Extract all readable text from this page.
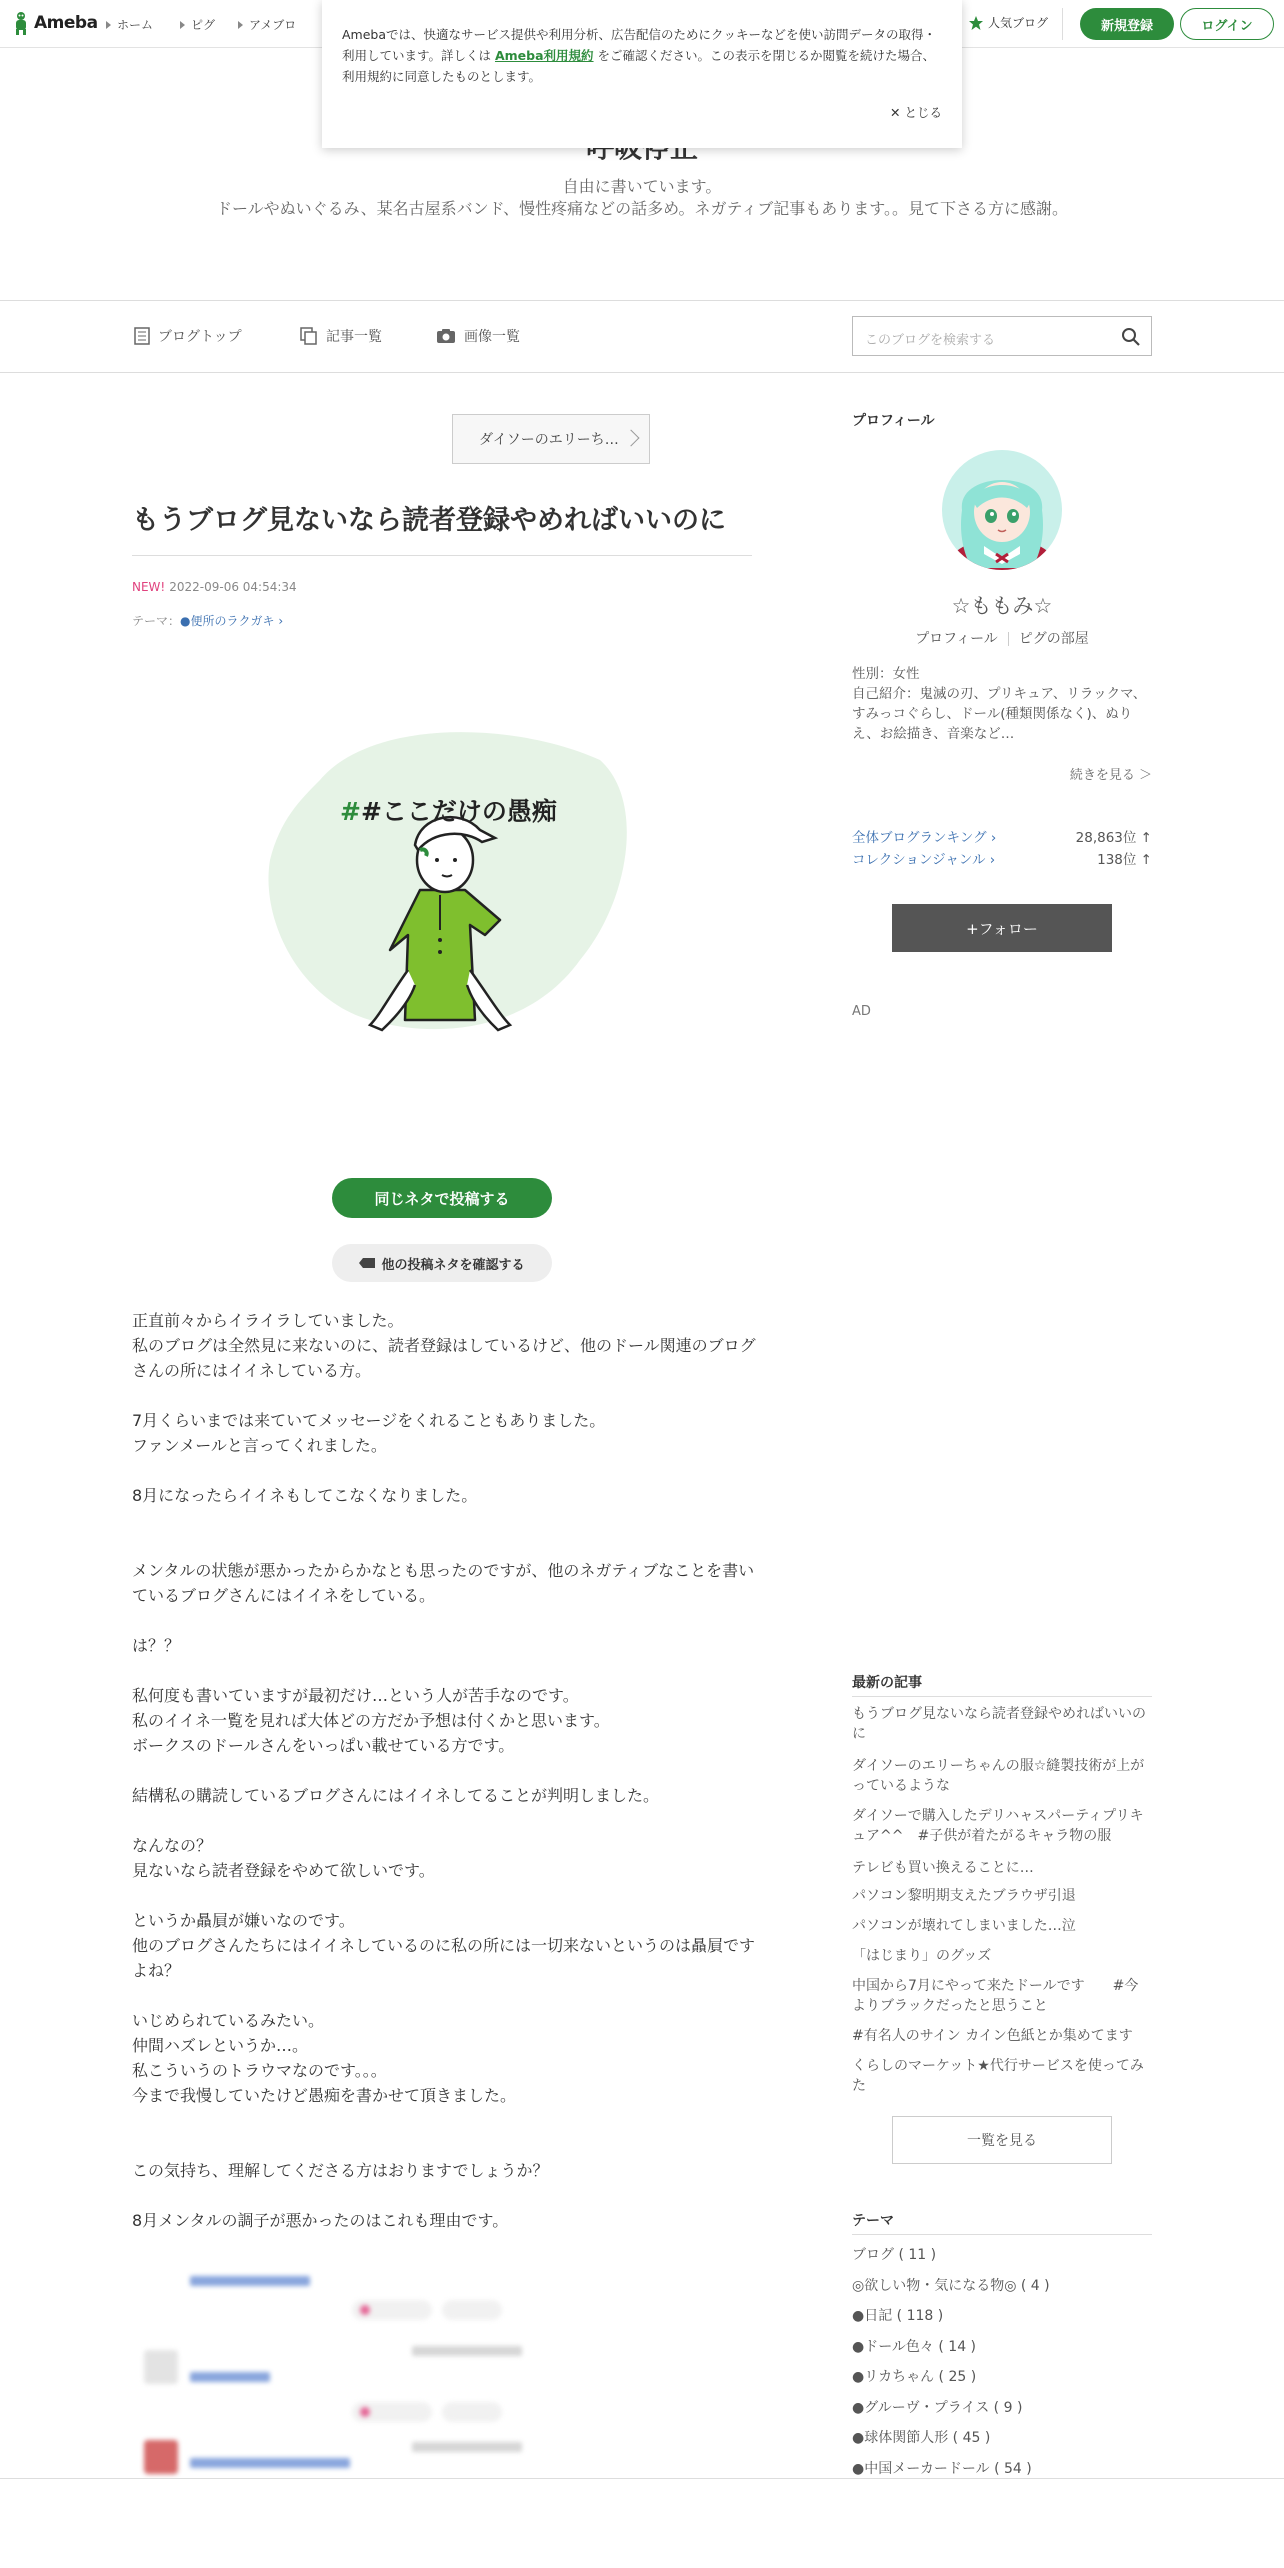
Ameba ホーム	ピグ	アメブロ	人気ブログ	新規登録	ログイン
Amebaでは、快適なサービス提供や利用分析、広告配信のためにクッキーなどを使い訪問データの取得・利用しています。詳しくは Ameba利用規約 をご確認ください。この表示を閉じるか閲覧を続けた場合、利用規約に同意したものとします。
✕ とじる
自由に書いています。
ドールやぬいぐるみ、某名古屋系バンド、慢性疼痛などの話多め。ネガティブ記事もあります。。見て下さる方に感謝。
ブログトップ	記事一覧	画像一覧	このブログを検索する
ダイソーのエリーち…
もうブログ見ないなら読者登録やめればいいのに
NEW! 2022-09-06 04:54:34
テーマ：●便所のラクガキ ›
##ここだけの愚痴
同じネタで投稿する
他の投稿ネタを確認する

正直前々からイライラしていました。

私のブログは全然見に来ないのに、読者登録はしているけど、他のドール関連のブログさんの所にはイイネしている方。

7月くらいまでは来ていてメッセージをくれることもありました。

ファンメールと言ってくれました。

8月になったらイイネもしてこなくなりました。

メンタルの状態が悪かったからかなとも思ったのですが、他のネガティブなことを書いているブログさんにはイイネをしている。

は？？

私何度も書いていますが最初だけ…という人が苦手なのです。

私のイイネ一覧を見れば大体どの方だか予想は付くかと思います。

ボークスのドールさんをいっぱい載せている方です。

結構私の購読しているブログさんにはイイネしてることが判明しました。

なんなの？

見ないなら読者登録をやめて欲しいです。

というか贔屓が嫌いなのです。

他のブログさんたちにはイイネしているのに私の所には一切来ないというのは贔屓ですよね？

いじめられているみたい。

仲間ハズレというか…。

私こういうのトラウマなのです。。。

今まで我慢していたけど愚痴を書かせて頂きました。

この気持ち、理解してくださる方はおりますでしょうか？

8月メンタルの調子が悪かったのはこれも理由です。

プロフィール
☆ももみ☆
プロフィール ピグの部屋
性別：女性
自己紹介：鬼滅の刃、プリキュア、リラックマ、すみっコぐらし、ドール(種類関係なく)、ぬりえ、お絵描き、音楽など…
続きを見る ＞
全体ブログランキング ›	28,863位 ↑
コレクションジャンル ›	138位 ↑
+フォロー
AD
最新の記事
もうブログ見ないなら読者登録やめればいいのに
ダイソーのエリーちゃんの服☆縫製技術が上がっているような
ダイソーで購入したデリハャスパーティプリキュア^^　#子供が着たがるキャラ物の服
テレビも買い換えることに…
パソコン黎明期支えたブラウザ引退
パソコンが壊れてしまいました…泣
「はじまり」のグッズ
中国から7月にやって来たドールです　　#今よりブラックだったと思うこと
#有名人のサイン カイン色紙とか集めてます
くらしのマーケット★代行サービスを使ってみた
一覧を見る
テーマ
ブログ ( 11 )
◎欲しい物・気になる物◎ ( 4 )
●日記 ( 118 )
●ドール色々 ( 14 )
●リカちゃん ( 25 )
●グルーヴ・プライス ( 9 )
●球体関節人形 ( 45 )
●中国メーカードール ( 54 )
